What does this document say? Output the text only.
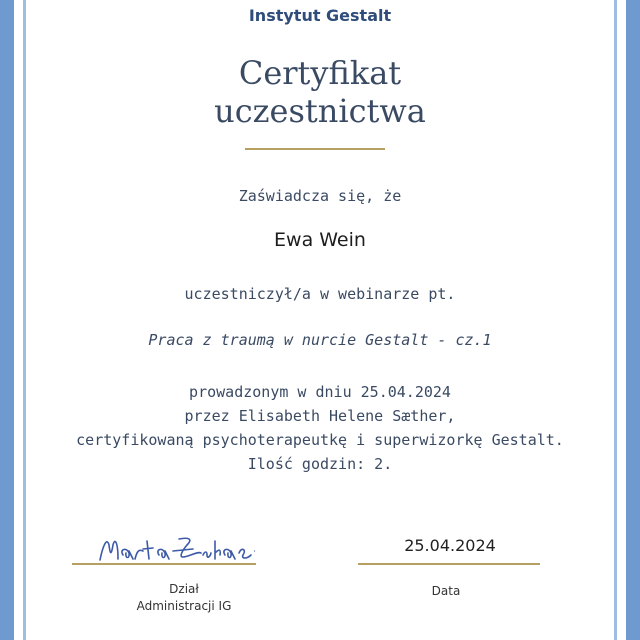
Instytut Gestalt
Certyfikat
uczestnictwa
Zaświadcza się, że
Ewa Wein
uczestniczył/a w webinarze pt.
Praca z traumą w nurcie Gestalt - cz.1
prowadzonym w dniu 25.04.2024
przez Elisabeth Helene Sæther,
certyfikowaną psychoterapeutkę i superwizorkę Gestalt.
Ilość godzin: 2.
Marta Łukaszek
Dział
Administracji IG
25.04.2024
Data
